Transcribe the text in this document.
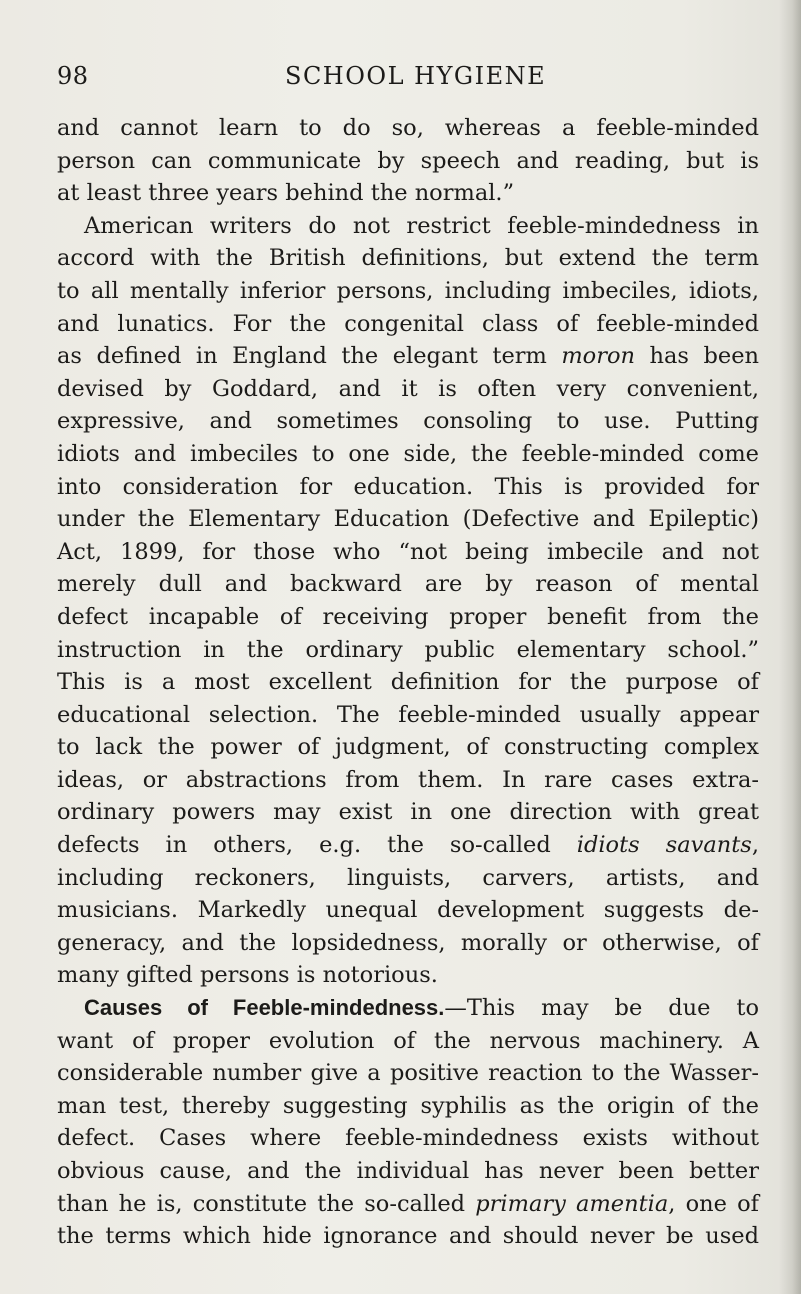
98	SCHOOL HYGIENE
and cannot learn to do so, whereas a feeble-minded
person can communicate by speech and reading, but is
at least three years behind the normal.”
American writers do not restrict feeble-mindedness in
accord with the British definitions, but extend the term
to all mentally inferior persons, including imbeciles, idiots,
and lunatics. For the congenital class of feeble-minded
as defined in England the elegant term moron has been
devised by Goddard, and it is often very convenient,
expressive, and sometimes consoling to use. Putting
idiots and imbeciles to one side, the feeble-minded come
into consideration for education. This is provided for
under the Elementary Education (Defective and Epileptic)
Act, 1899, for those who “not being imbecile and not
merely dull and backward are by reason of mental
defect incapable of receiving proper benefit from the
instruction in the ordinary public elementary school.”
This is a most excellent definition for the purpose of
educational selection. The feeble-minded usually appear
to lack the power of judgment, of constructing complex
ideas, or abstractions from them. In rare cases extra-
ordinary powers may exist in one direction with great
defects in others, e.g. the so-called idiots savants,
including reckoners, linguists, carvers, artists, and
musicians. Markedly unequal development suggests de-
generacy, and the lopsidedness, morally or otherwise, of
many gifted persons is notorious.
Causes of Feeble-mindedness.—This may be due to
want of proper evolution of the nervous machinery. A
considerable number give a positive reaction to the Wasser-
man test, thereby suggesting syphilis as the origin of the
defect. Cases where feeble-mindedness exists without
obvious cause, and the individual has never been better
than he is, constitute the so-called primary amentia, one of
the terms which hide ignorance and should never be used
